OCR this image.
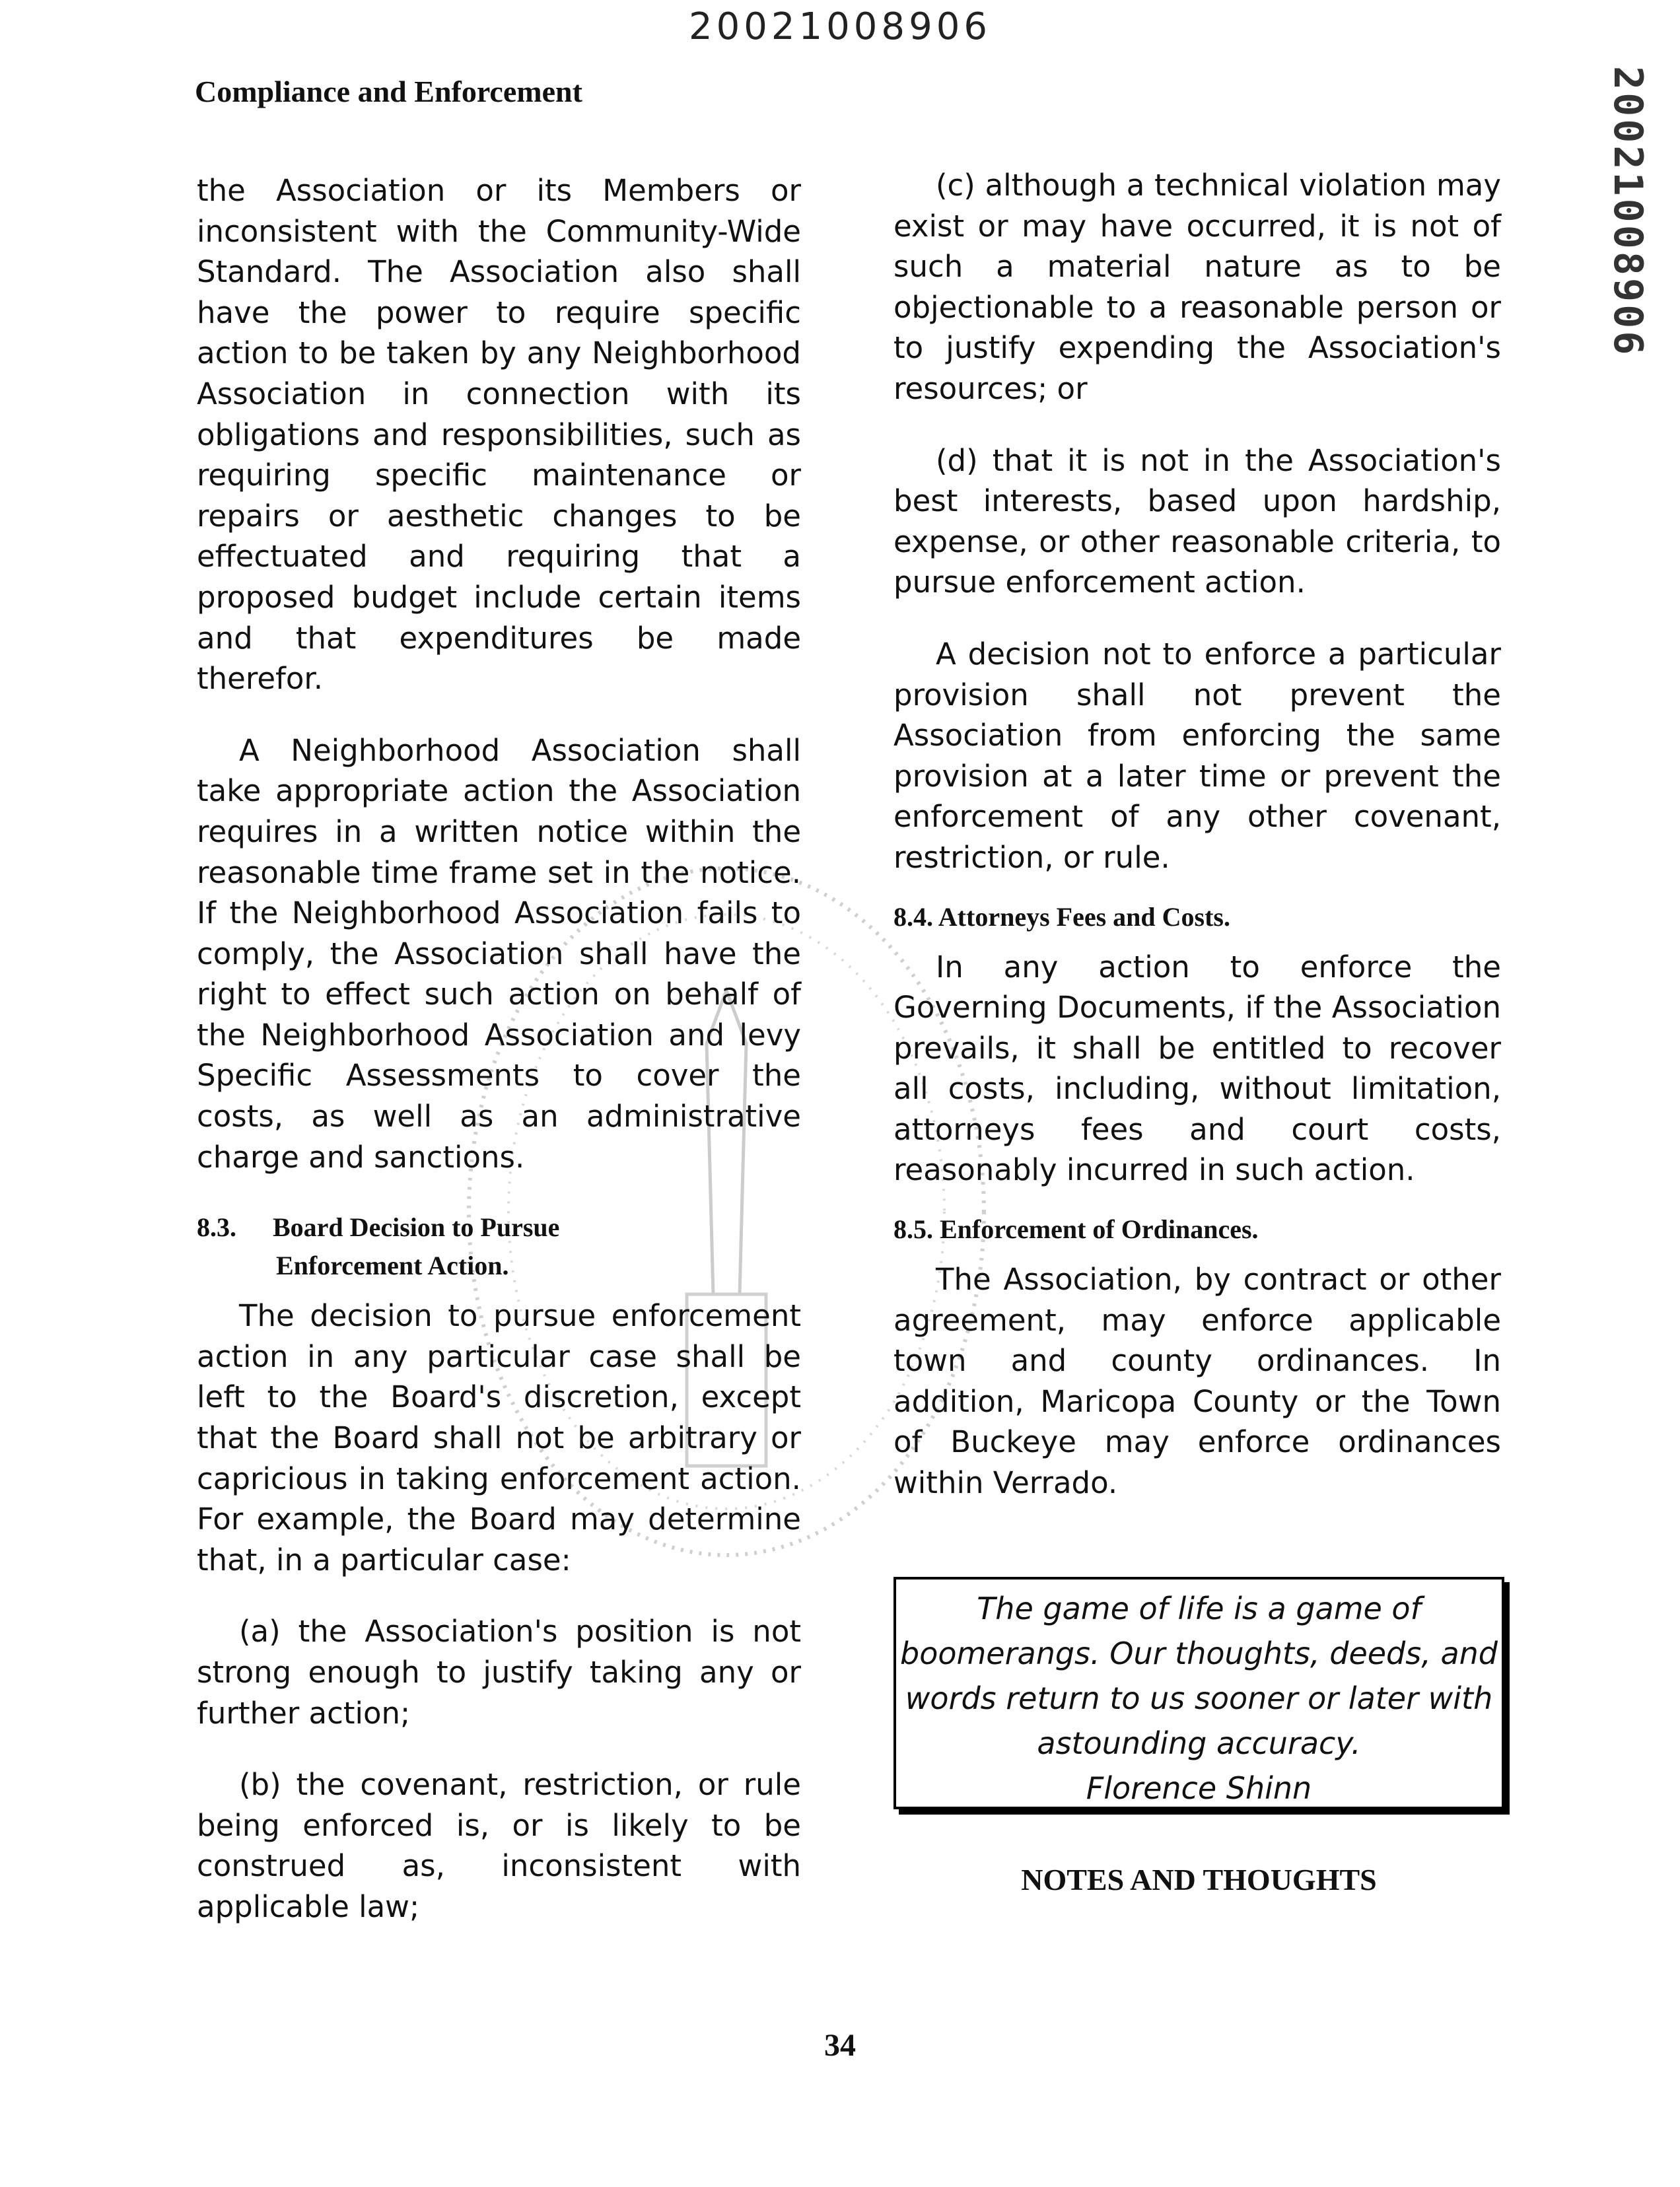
20021008906
20021008906
Compliance and Enforcement

the Association or its Members or inconsistent with the Community-Wide Standard. The Association also shall have the power to require specific action to be taken by any Neighborhood Association in connection with its obligations and responsibilities, such as requiring specific maintenance or repairs or aesthetic changes to be effectuated and requiring that a proposed budget include certain items and that expenditures be made therefor.

A Neighborhood Association shall take appropriate action the Association requires in a written notice within the reasonable time frame set in the notice. If the Neighborhood Association fails to comply, the Association shall have the right to effect such action on behalf of the Neighborhood Association and levy Specific Assessments to cover the costs, as well as an administrative charge and sanctions.

8.3. Board Decision to Pursue
Enforcement Action.

The decision to pursue enforcement action in any particular case shall be left to the Board's discretion, except that the Board shall not be arbitrary or capricious in taking enforcement action. For example, the Board may determine that, in a particular case:

(a) the Association's position is not strong enough to justify taking any or further action;

(b) the covenant, restriction, or rule being enforced is, or is likely to be construed as, inconsistent with applicable law;

(c) although a technical violation may exist or may have occurred, it is not of such a material nature as to be objectionable to a reasonable person or to justify expending the Association's resources; or

(d) that it is not in the Association's best interests, based upon hardship, expense, or other reasonable criteria, to pursue enforcement action.

A decision not to enforce a particular provision shall not prevent the Association from enforcing the same provision at a later time or prevent the enforcement of any other covenant, restriction, or rule.

8.4. Attorneys Fees and Costs.

In any action to enforce the Governing Documents, if the Association prevails, it shall be entitled to recover all costs, including, without limitation, attorneys fees and court costs, reasonably incurred in such action.

8.5. Enforcement of Ordinances.

The Association, by contract or other agreement, may enforce applicable town and county ordinances. In addition, Maricopa County or the Town of Buckeye may enforce ordinances within Verrado.

The game of life is a game of boomerangs. Our thoughts, deeds, and words return to us sooner or later with astounding accuracy.
Florence Shinn
NOTES AND THOUGHTS
34
